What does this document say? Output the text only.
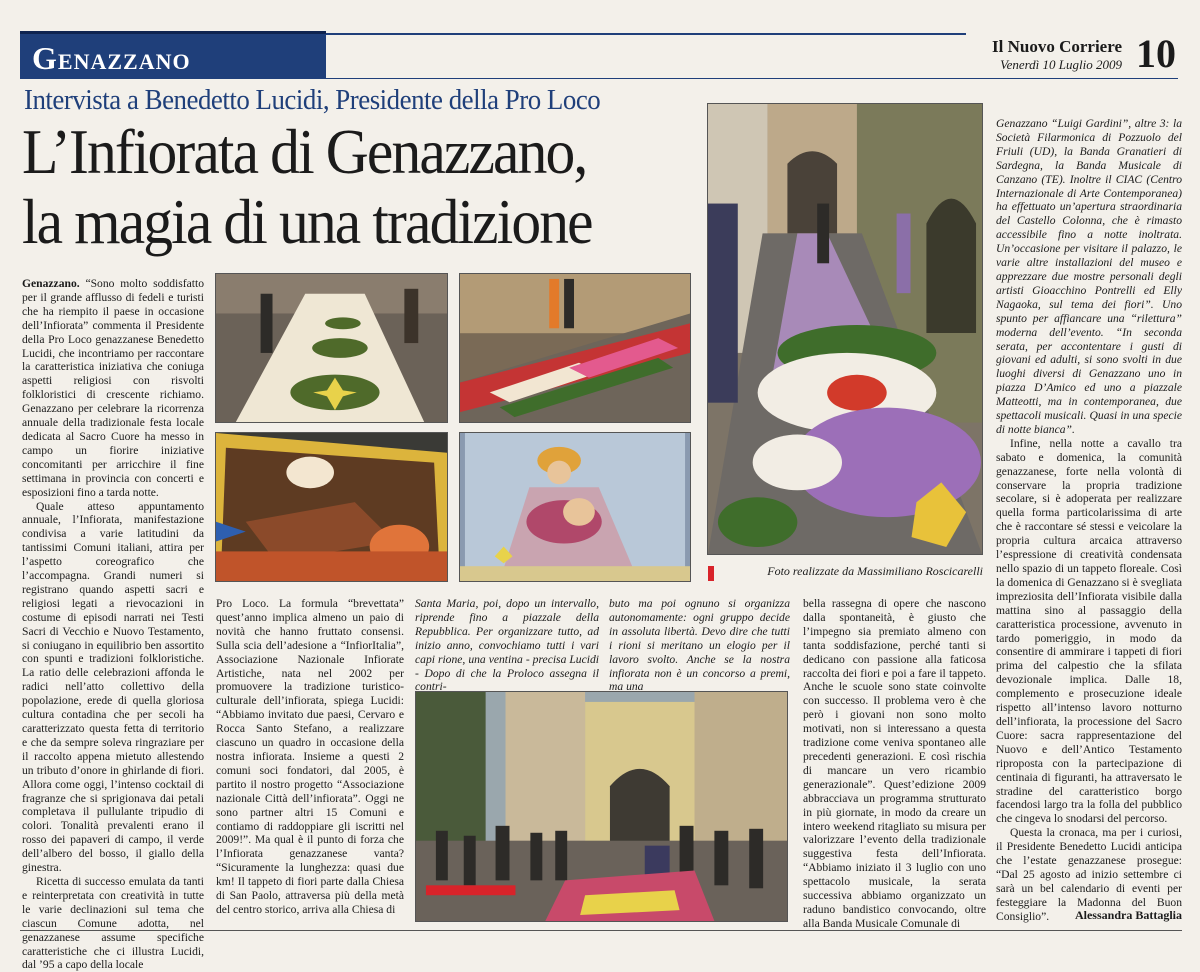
Genazzano	Il Nuovo Corriere
Venerdì 10 Luglio 2009 10
Intervista a Benedetto Lucidi, Presidente della Pro Loco
L’Infiorata di Genazzano,
la magia di una tradizione
Foto realizzate da Massimiliano Roscicarelli

Genazzano. “Sono molto soddisfatto per il grande afflusso di fedeli e turisti che ha riempito il paese in occasione dell’Infiorata” commenta il Presidente della Pro Loco genazzanese Benedetto Lucidi, che incontriamo per raccontare la caratteristica iniziativa che coniuga aspetti religiosi con risvolti folkloristici di crescente richiamo. Genazzano per celebrare la ricorrenza annuale della tradizionale festa locale dedicata al Sacro Cuore ha messo in campo un fiorire iniziative concomitanti per arricchire il fine settimana in provincia con concerti e esposizioni fino a tarda notte.

Quale atteso appuntamento annuale, l’Infiorata, manifestazione condivisa a varie latitudini da tantissimi Comuni italiani, attira per l’aspetto coreografico che l’accompagna. Grandi numeri si registrano quando aspetti sacri e religiosi legati a rievocazioni in costume di episodi narrati nei Testi Sacri di Vecchio e Nuovo Testamento, si coniugano in equilibrio ben assortito con spunti e tradizioni folkloristiche. La ratio delle celebrazioni affonda le radici nell’atto collettivo della popolazione, erede di quella gloriosa cultura contadina che per secoli ha caratterizzato questa fetta di territorio e che da sempre soleva ringraziare per il raccolto appena mietuto allestendo un tributo d’onore in ghirlande di fiori. Allora come oggi, l’intenso cocktail di fragranze che si sprigionava dai petali completava il pullulante tripudio di colori. Tonalità prevalenti erano il rosso dei papaveri di campo, il verde dell’albero del bosso, il giallo della ginestra.

Ricetta di successo emulata da tanti e reinterpretata con creatività in tutte le varie declinazioni sul tema che ciascun Comune adotta, nel genazzanese assume specifiche caratteristiche che ci illustra Lucidi, dal ’95 a capo della locale

Pro Loco. La formula “brevettata” quest’anno implica almeno un paio di novità che hanno fruttato consensi. Sulla scia dell’adesione a “InfiorItalia”, Associazione Nazionale Infiorate Artistiche, nata nel 2002 per promuovere la tradizione turistico-culturale dell’infiorata, spiega Lucidi: “Abbiamo invitato due paesi, Cervaro e Rocca Santo Stefano, a realizzare ciascuno un quadro in occasione della nostra infiorata. Insieme a questi 2 comuni soci fondatori, dal 2005, è partito il nostro progetto “Associazione nazionale Città dell’infiorata”. Oggi ne sono partner altri 15 Comuni e contiamo di raddoppiare gli iscritti nel 2009!”. Ma qual è il punto di forza che l’Infiorata genazzanese vanta? “Sicuramente la lunghezza: quasi due km! Il tappeto di fiori parte dalla Chiesa di San Paolo, attraversa più della metà del centro storico, arriva alla Chiesa di

Santa Maria, poi, dopo un intervallo, riprende fino a piazzale della Repubblica. Per organizzare tutto, ad inizio anno, convochiamo tutti i vari capi rione, una ventina - precisa Lucidi - Dopo di che la Proloco assegna il contri-

buto ma poi ognuno si organizza autonomamente: ogni gruppo decide in assoluta libertà. Devo dire che tutti i rioni si meritano un elogio per il lavoro svolto. Anche se la nostra infiorata non è un concorso a premi, ma una

bella rassegna di opere che nascono dalla spontaneità, è giusto che l’impegno sia premiato almeno con tanta soddisfazione, perché tanti si dedicano con passione alla faticosa raccolta dei fiori e poi a fare il tappeto. Anche le scuole sono state coinvolte con successo. Il problema vero è che però i giovani non sono molto motivati, non si interessano a questa tradizione come veniva spontaneo alle precedenti generazioni. E così rischia di mancare un vero ricambio generazionale”. Quest’edizione 2009 abbracciava un programma strutturato in più giornate, in modo da creare un intero weekend ritagliato su misura per valorizzare l’evento della tradizionale suggestiva festa dell’Infiorata. “Abbiamo iniziato il 3 luglio con uno spettacolo musicale, la serata successiva abbiamo organizzato un raduno bandistico convocando, oltre alla Banda Musicale Comunale di

Genazzano “Luigi Gardini”, altre 3: la Società Filarmonica di Pozzuolo del Friuli (UD), la Banda Granatieri di Sardegna, la Banda Musicale di Canzano (TE). Inoltre il CIAC (Centro Internazionale di Arte Contemporanea) ha effettuato un’apertura straordinaria del Castello Colonna, che è rimasto accessibile fino a notte inoltrata. Un’occasione per visitare il palazzo, le varie altre installazioni del museo e apprezzare due mostre personali degli artisti Gioacchino Pontrelli ed Elly Nagaoka, sul tema dei fiori”. Uno spunto per affiancare una “rilettura” moderna dell’evento. “In seconda serata, per accontentare i gusti di giovani ed adulti, si sono svolti in due luoghi diversi di Genazzano uno in piazza D’Amico ed uno a piazzale Matteotti, ma in contemporanea, due spettacoli musicali. Quasi in una specie di notte bianca”.

Infine, nella notte a cavallo tra sabato e domenica, la comunità genazzanese, forte nella volontà di conservare la propria tradizione secolare, si è adoperata per realizzare quella forma particolarissima di arte che è raccontare sé stessi e veicolare la propria cultura arcaica attraverso l’espressione di creatività condensata nello spazio di un tappeto floreale. Così la domenica di Genazzano si è svegliata impreziosita dell’Infiorata visibile dalla mattina sino al passaggio della caratteristica processione, avvenuto in tardo pomeriggio, in modo da consentire di ammirare i tappeti di fiori prima del calpestio che la sfilata devozionale implica. Dalle 18, complemento e prosecuzione ideale rispetto all’intenso lavoro notturno dell’infiorata, la processione del Sacro Cuore: sacra rappresentazione del Nuovo e dell’Antico Testamento riproposta con la partecipazione di centinaia di figuranti, ha attraversato le stradine del caratteristico borgo facendosi largo tra la folla del pubblico che cingeva lo snodarsi del percorso.

Questa la cronaca, ma per i curiosi, il Presidente Benedetto Lucidi anticipa che l’estate genazzanese prosegue: “Dal 25 agosto ad inizio settembre ci sarà un bel calendario di eventi per festeggiare la Madonna del Buon Consiglio”.	Alessandra Battaglia
